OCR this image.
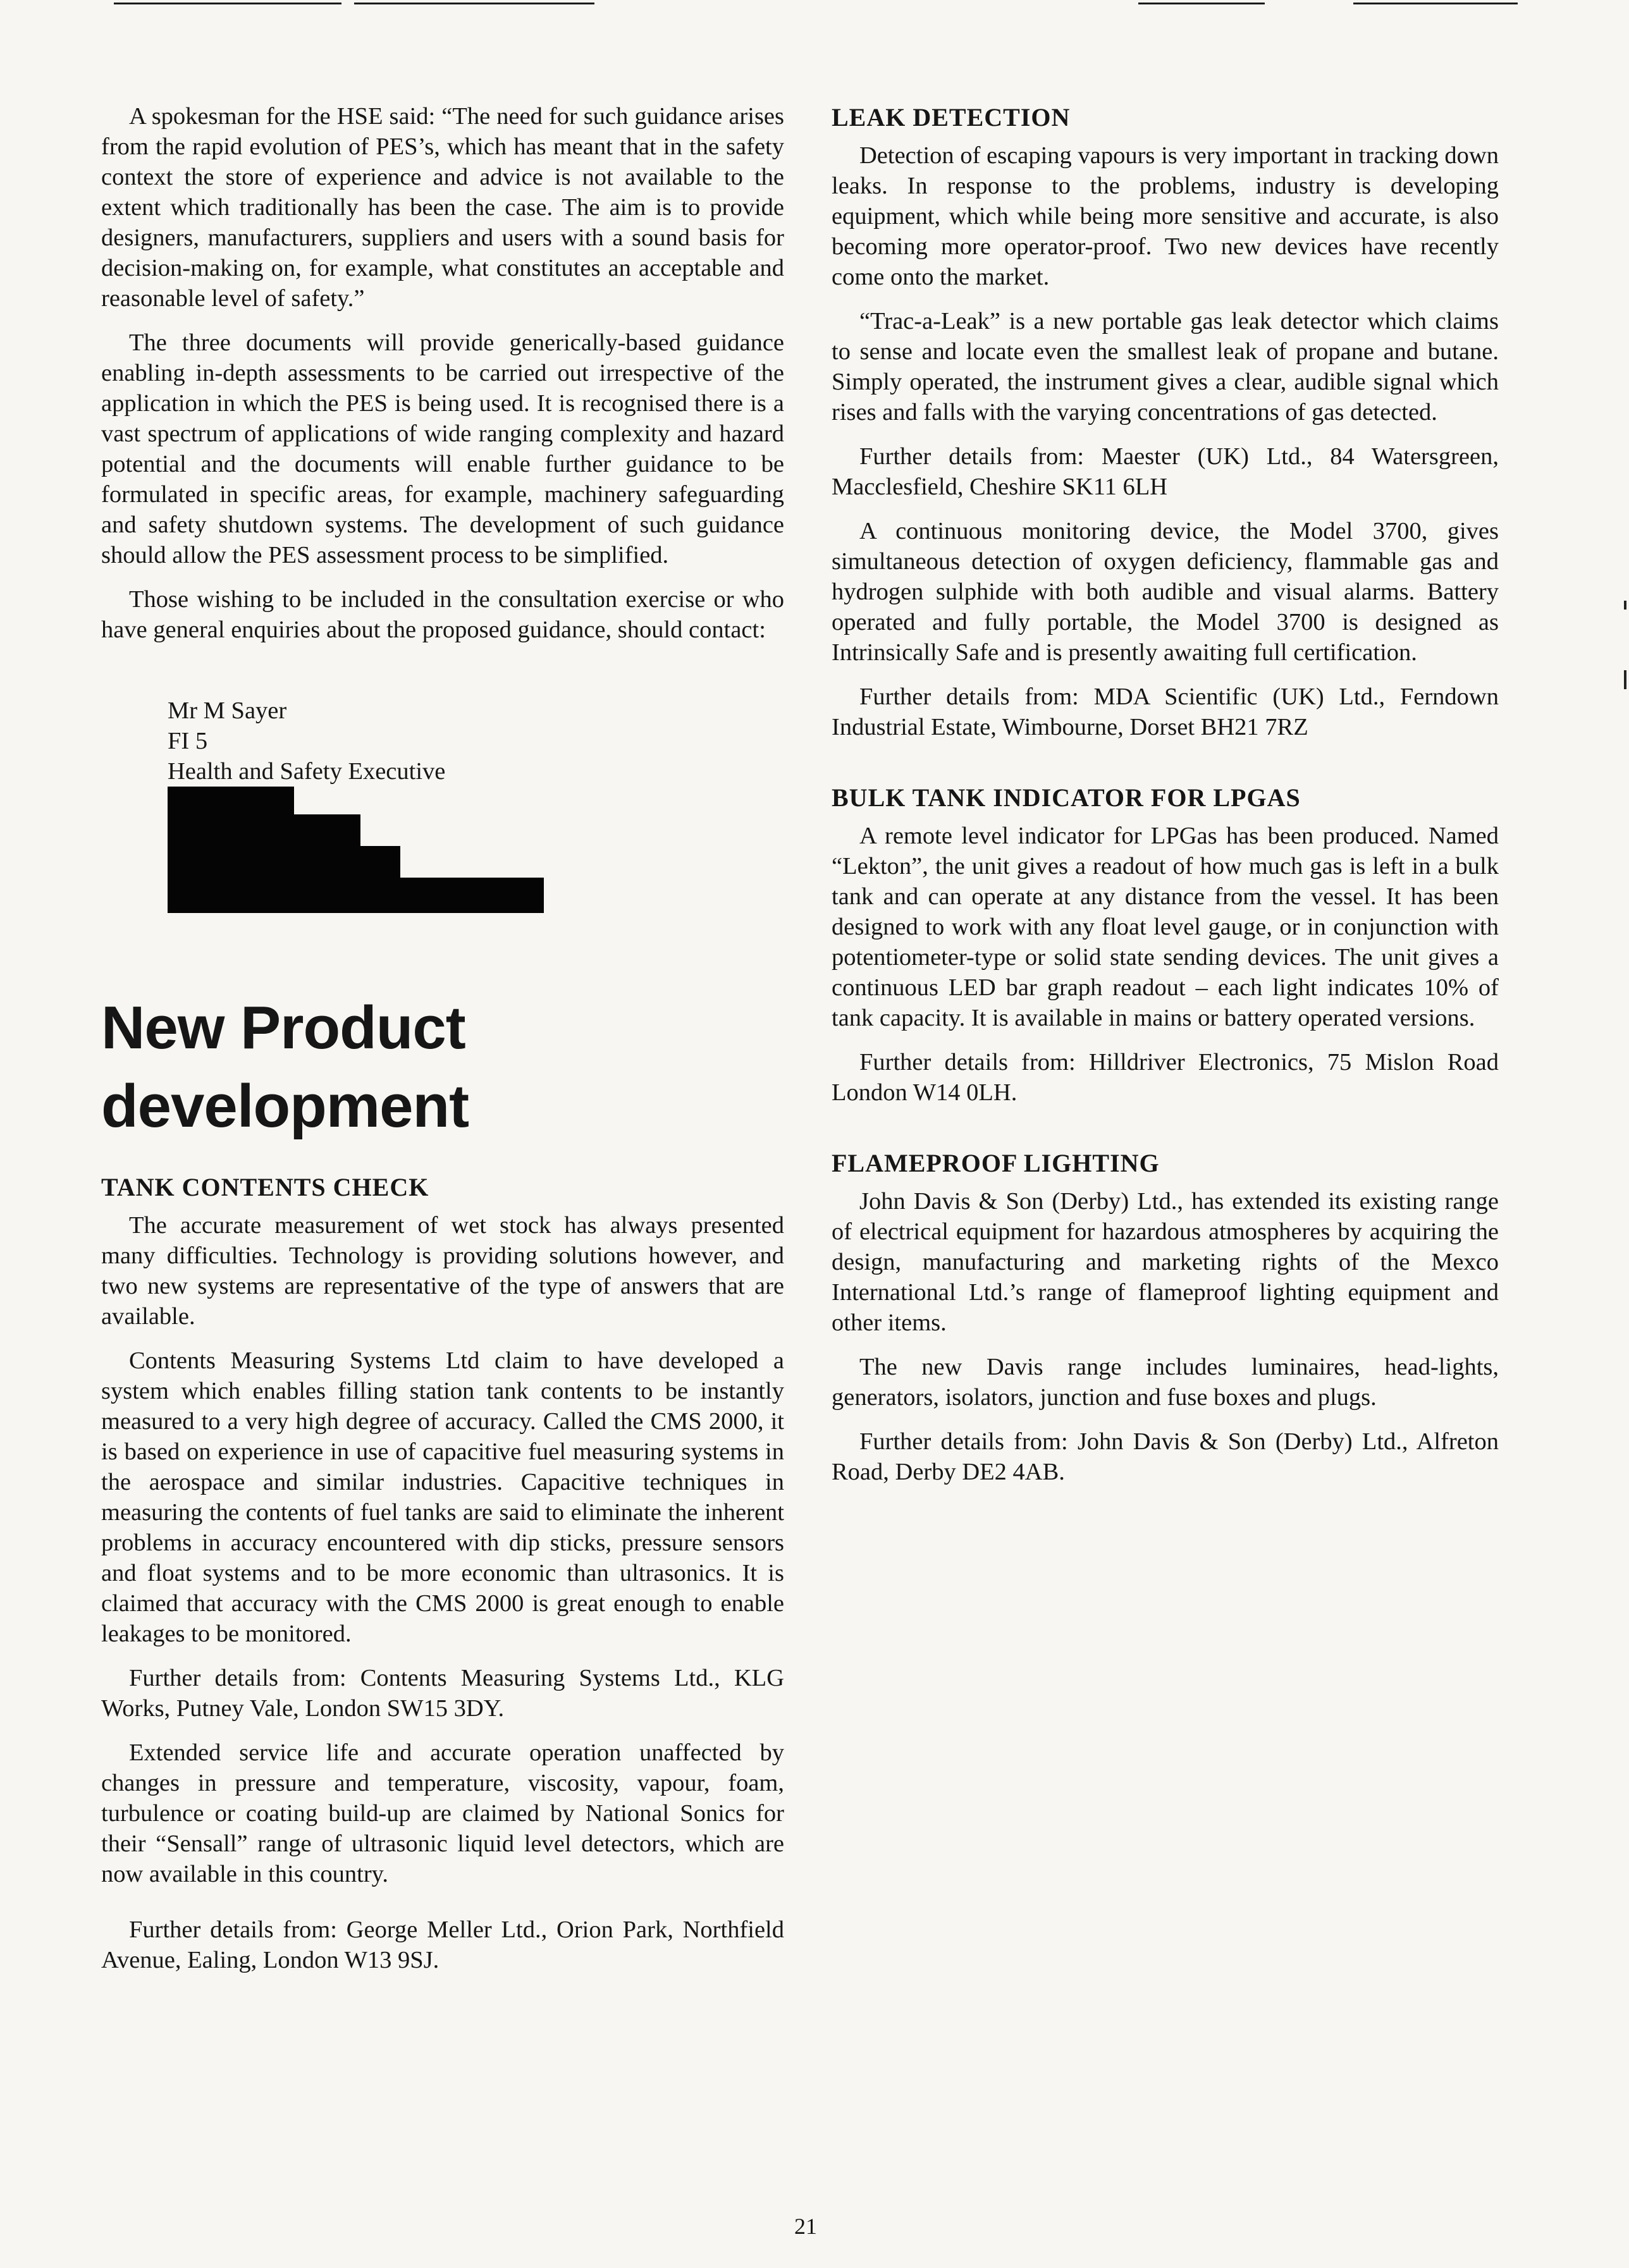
A spokesman for the HSE said: “The need for such guidance arises from the rapid evolution of PES’s, which has meant that in the safety context the store of experience and advice is not available to the extent which traditionally has been the case. The aim is to provide designers, manufacturers, suppliers and users with a sound basis for decision-making on, for example, what constitutes an acceptable and reasonable level of safety.”

The three documents will provide generically-based guidance enabling in-depth assessments to be carried out irrespective of the application in which the PES is being used. It is recognised there is a vast spectrum of applications of wide ranging complexity and hazard potential and the documents will enable further guidance to be formulated in specific areas, for example, machinery safeguarding and safety shutdown systems. The development of such guidance should allow the PES assessment process to be simplified.

Those wishing to be included in the consultation exercise or who have general enquiries about the proposed guidance, should contact:

Mr M Sayer
FI 5
Health and Safety Executive
New Product development
TANK CONTENTS CHECK

The accurate measurement of wet stock has always presented many difficulties. Technology is providing solutions however, and two new systems are representative of the type of answers that are available.

Contents Measuring Systems Ltd claim to have developed a system which enables filling station tank contents to be instantly measured to a very high degree of accuracy. Called the CMS 2000, it is based on experience in use of capacitive fuel measuring systems in the aerospace and similar industries. Capacitive techniques in measuring the contents of fuel tanks are said to eliminate the inherent problems in accuracy encountered with dip sticks, pressure sensors and float systems and to be more economic than ultrasonics. It is claimed that accuracy with the CMS 2000 is great enough to enable leakages to be monitored.

Further details from: Contents Measuring Systems Ltd., KLG Works, Putney Vale, London SW15 3DY.

Extended service life and accurate operation unaffected by changes in pressure and temperature, viscosity, vapour, foam, turbulence or coating build-up are claimed by National Sonics for their “Sensall” range of ultrasonic liquid level detectors, which are now available in this country.

Further details from: George Meller Ltd., Orion Park, Northfield Avenue, Ealing, London W13 9SJ.

LEAK DETECTION

Detection of escaping vapours is very important in tracking down leaks. In response to the problems, industry is developing equipment, which while being more sensitive and accurate, is also becoming more operator-proof. Two new devices have recently come onto the market.

“Trac-a-Leak” is a new portable gas leak detector which claims to sense and locate even the smallest leak of propane and butane. Simply operated, the instrument gives a clear, audible signal which rises and falls with the varying concentrations of gas detected.

Further details from: Maester (UK) Ltd., 84 Watersgreen, Macclesfield, Cheshire SK11 6LH

A continuous monitoring device, the Model 3700, gives simultaneous detection of oxygen deficiency, flammable gas and hydrogen sulphide with both audible and visual alarms. Battery operated and fully portable, the Model 3700 is designed as Intrinsically Safe and is presently awaiting full certification.

Further details from: MDA Scientific (UK) Ltd., Ferndown Industrial Estate, Wimbourne, Dorset BH21 7RZ

BULK TANK INDICATOR FOR LPGAS

A remote level indicator for LPGas has been produced. Named “Lekton”, the unit gives a readout of how much gas is left in a bulk tank and can operate at any distance from the vessel. It has been designed to work with any float level gauge, or in conjunction with potentiometer-type or solid state sending devices. The unit gives a continuous LED bar graph readout – each light indicates 10% of tank capacity. It is available in mains or battery operated versions.

Further details from: Hilldriver Electronics, 75 Mislon Road London W14 0LH.

FLAMEPROOF LIGHTING

John Davis & Son (Derby) Ltd., has extended its existing range of electrical equipment for hazardous atmospheres by acquiring the design, manufacturing and marketing rights of the Mexco International Ltd.’s range of flameproof lighting equipment and other items.

The new Davis range includes luminaires, head-lights, generators, isolators, junction and fuse boxes and plugs.

Further details from: John Davis & Son (Derby) Ltd., Alfreton Road, Derby DE2 4AB.

21
